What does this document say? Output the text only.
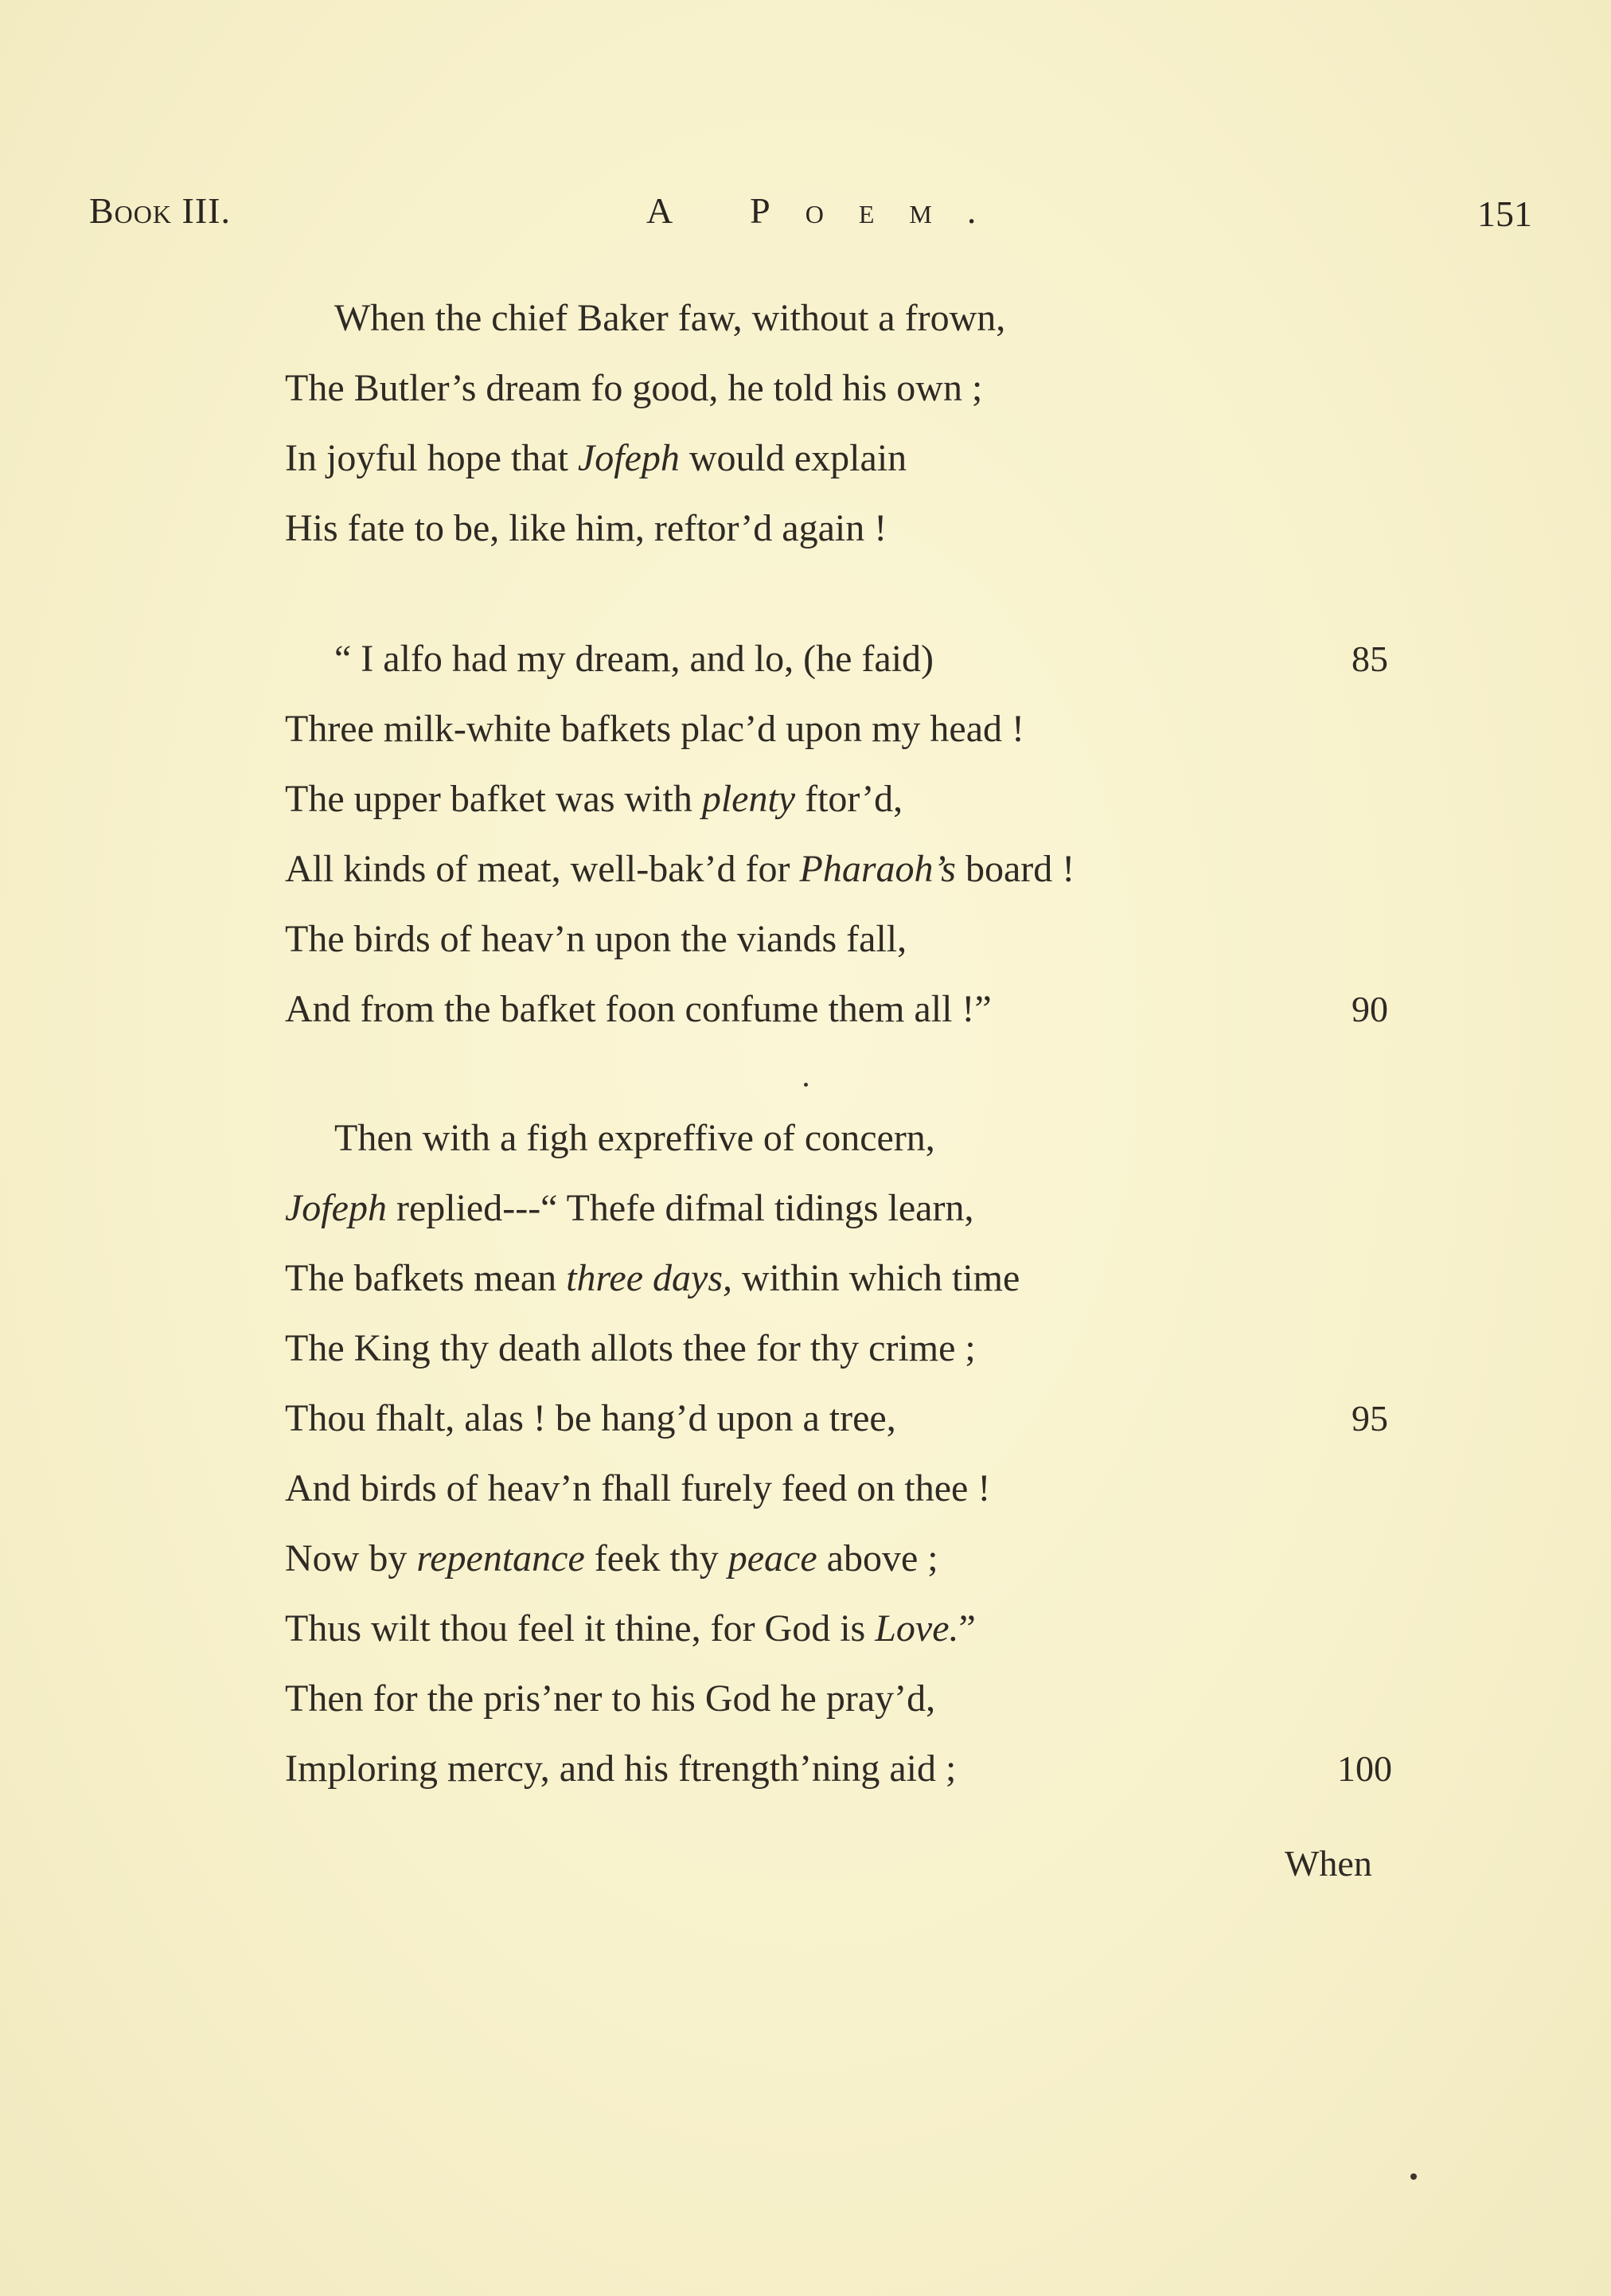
Book III.	A Poem.	151
When the chief Baker faw, without a frown,
The Butler’s dream fo good, he told his own ;
In joyful hope that Jofeph would explain
His fate to be, like him, reftor’d again !
“ I alfo had my dream, and lo, (he faid)	85
Three milk-white bafkets plac’d upon my head !
The upper bafket was with plenty ftor’d,
All kinds of meat, well-bak’d for Pharaoh’s board !
The birds of heav’n upon the viands fall,
And from the bafket foon confume them all !”	90
Then with a figh expreffive of concern,
Jofeph replied---“ Thefe difmal tidings learn,
The bafkets mean three days, within which time
The King thy death allots thee for thy crime ;
Thou fhalt, alas ! be hang’d upon a tree,	95
And birds of heav’n fhall furely feed on thee !
Now by repentance feek thy peace above ;
Thus wilt thou feel it thine, for God is Love.”
Then for the pris’ner to his God he pray’d,
Imploring mercy, and his ftrength’ning aid ;	100
When
